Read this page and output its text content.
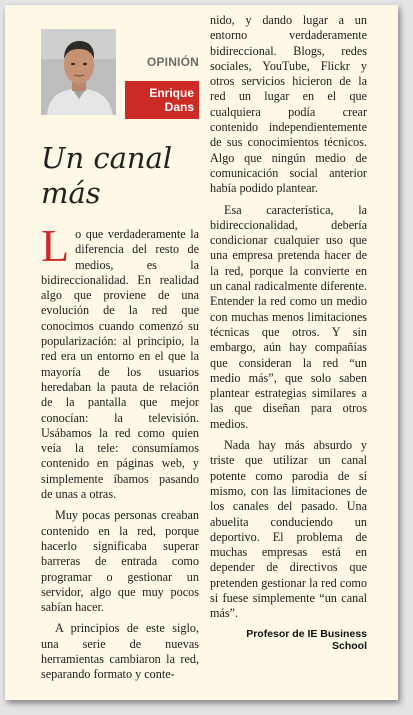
OPINIÓN
Enrique
Dans
Un canal
más

Lo que verdaderamente la diferencia del resto de medios, es la bidireccionalidad. En realidad algo que proviene de una evolución de la red que conocimos cuando comenzó su popularización: al principio, la red era un entorno en el que la mayoría de los usuarios heredaban la pauta de relación de la pantalla que mejor conocían: la televisión. Usábamos la red como quien veía la tele: consumíamos contenido en páginas web, y simplemente íbamos pasando de unas a otras.

Muy pocas personas creaban contenido en la red, porque hacerlo significaba superar barreras de entrada como programar o gestionar un servidor, algo que muy pocos sabían hacer.

A principios de este siglo, una serie de nuevas herramientas cambiaron la red, separando formato y conte-

nido, y dando lugar a un entorno verdaderamente bidireccional. Blogs, redes sociales, YouTube, Flickr y otros servicios hicieron de la red un lugar en el que cualquiera podía crear contenido independientemente de sus conocimientos técnicos. Algo que ningún medio de comunicación social anterior había podido plantear.

Esa característica, la bidireccionalidad, debería condicionar cualquier uso que una empresa pretenda hacer de la red, porque la convierte en un canal radicalmente diferente. Entender la red como un medio con muchas menos limitaciones técnicas que otros. Y sin embargo, aún hay compañías que consideran la red “un medio más”, que solo saben plantear estrategias similares a las que diseñan para otros medios.

Nada hay más absurdo y triste que utilizar un canal potente como parodia de sí mismo, con las limitaciones de los canales del pasado. Una abuelita conduciendo un deportivo. El problema de muchas empresas está en depender de directivos que pretenden gestionar la red como si fuese simplemente “un canal más”.

Profesor de IE Business School
